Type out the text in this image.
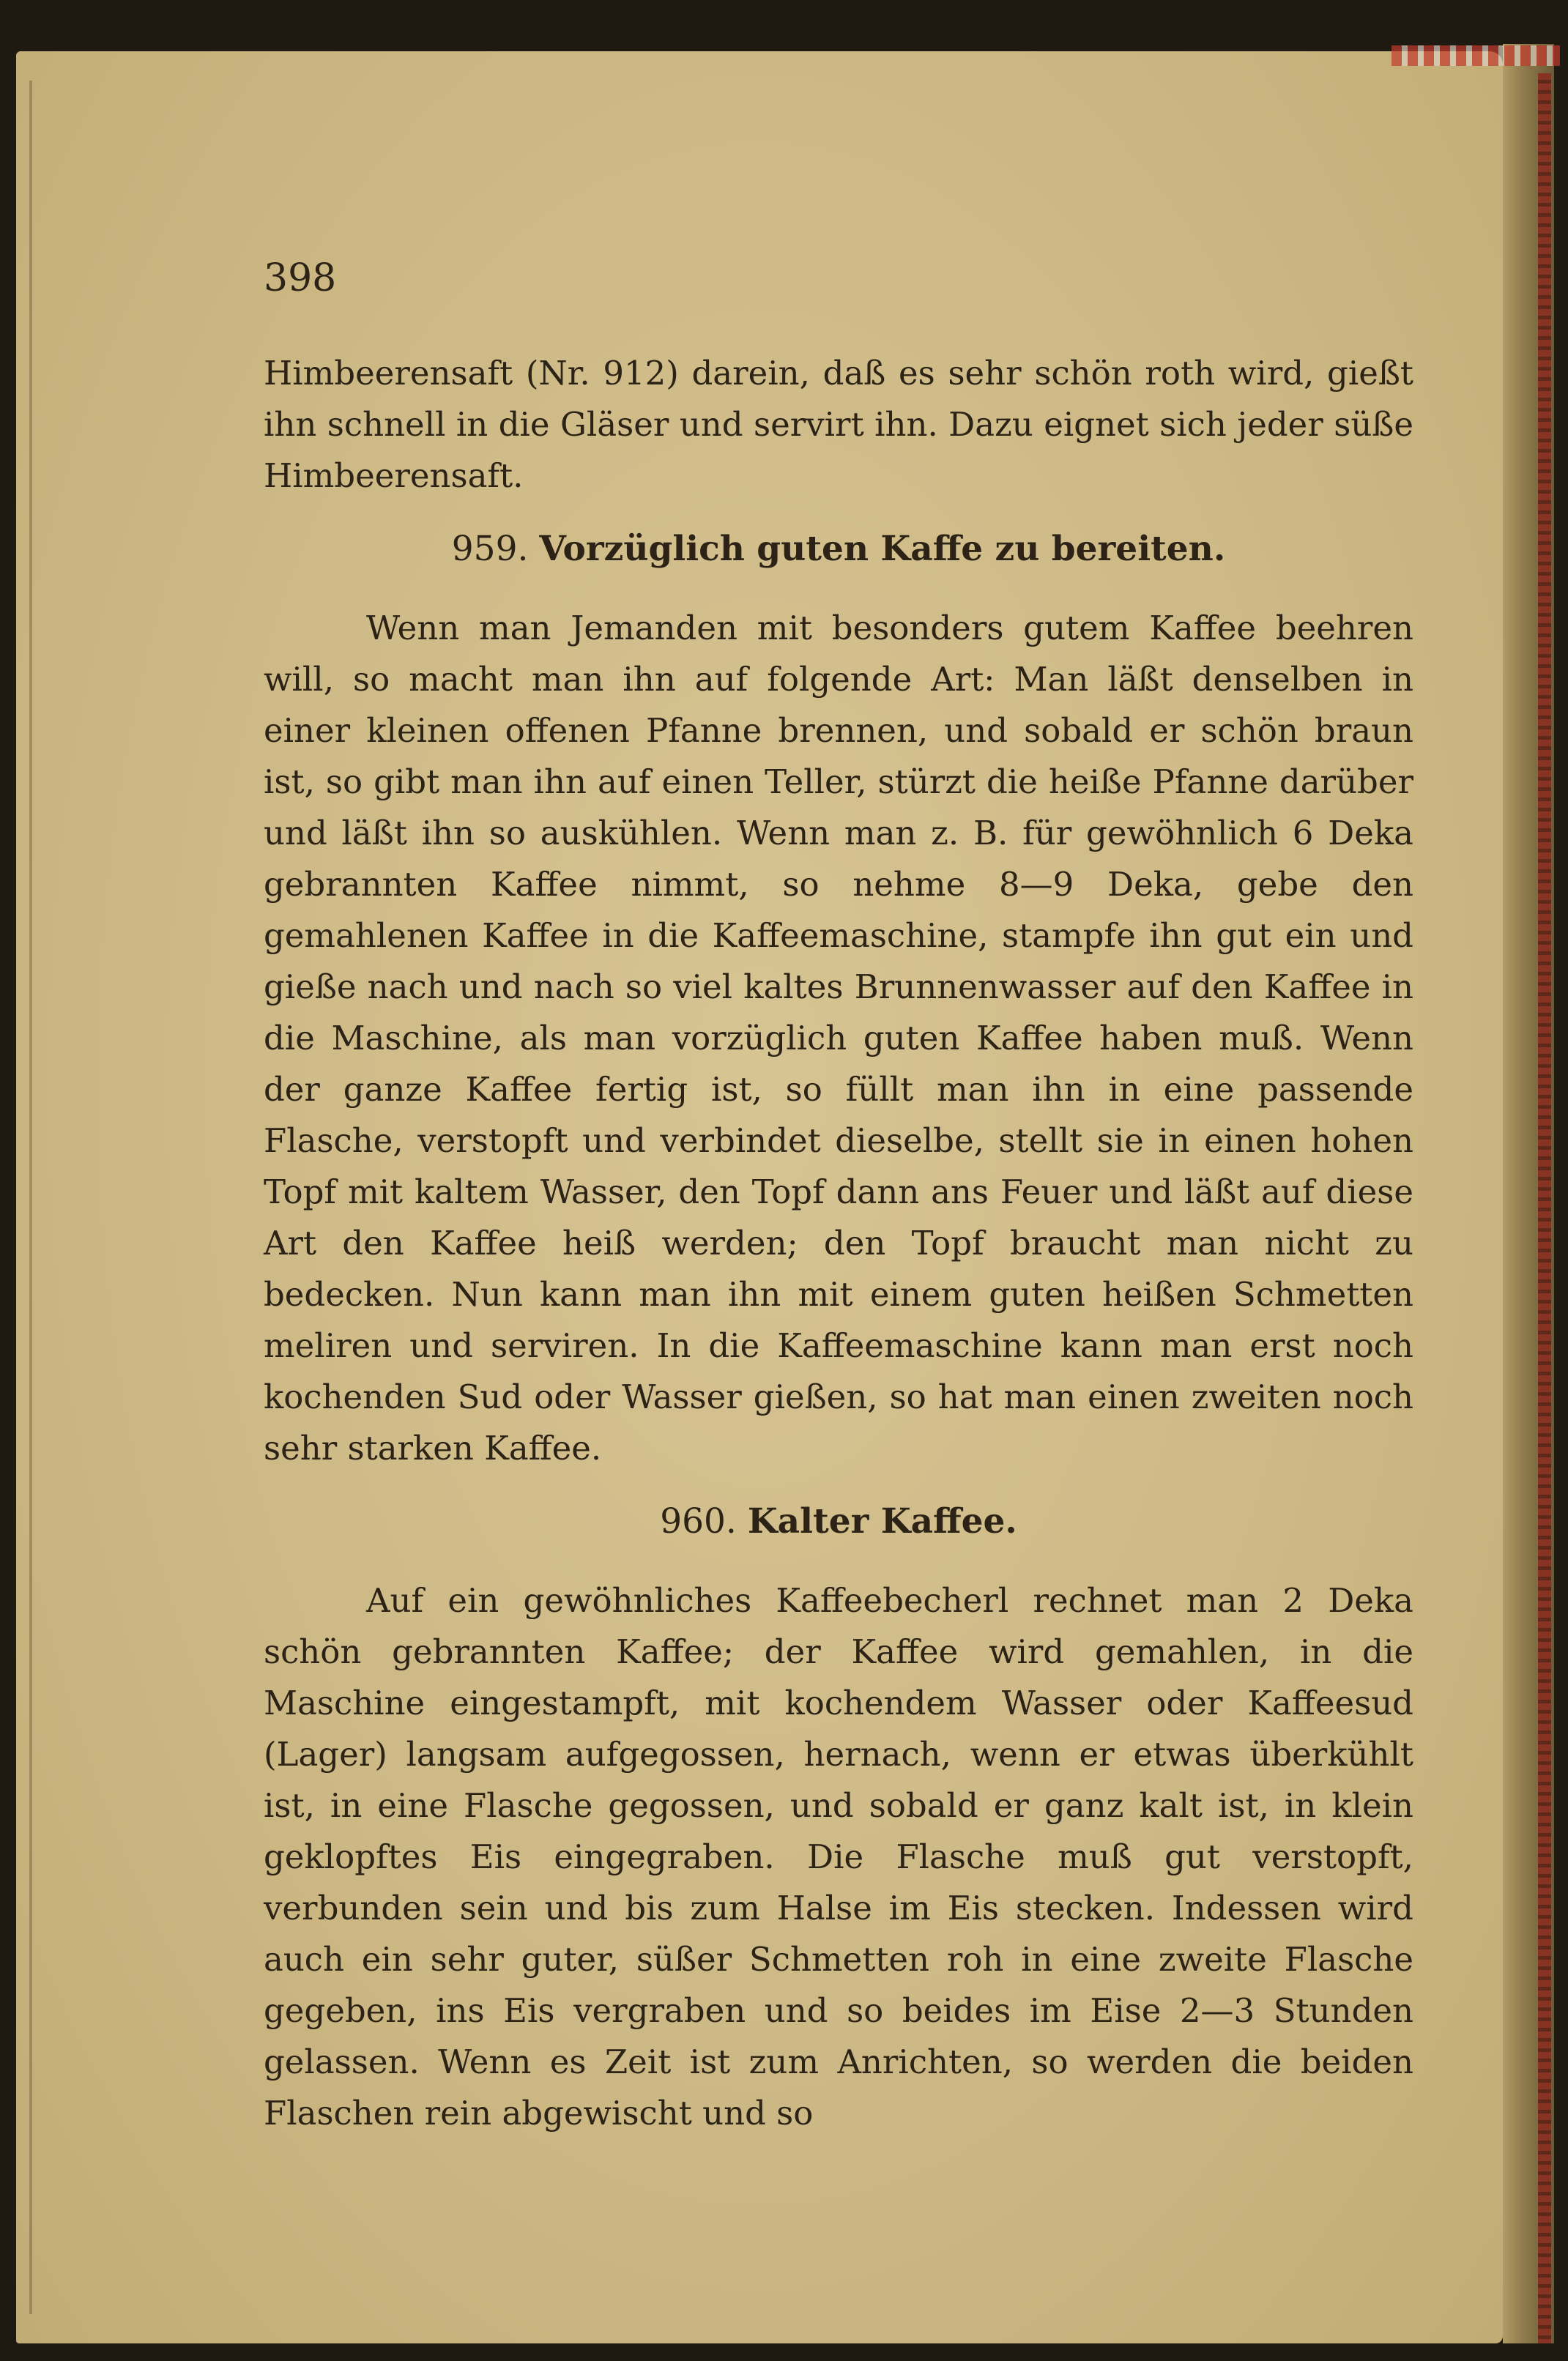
398

Himbeerensaft (Nr. 912) darein, daß es sehr schön roth wird, gießt ihn schnell in die Gläser und servirt ihn. Dazu eignet sich jeder süße Himbeerensaft.

959. Vorzüglich guten Kaffe zu bereiten.

Wenn man Jemanden mit besonders gutem Kaffee beehren will, so macht man ihn auf folgende Art: Man läßt denselben in einer kleinen offenen Pfanne brennen, und sobald er schön braun ist, so gibt man ihn auf einen Teller, stürzt die heiße Pfanne darüber und läßt ihn so auskühlen. Wenn man z. B. für gewöhnlich 6 Deka gebrannten Kaffee nimmt, so nehme 8—9 Deka, gebe den gemahlenen Kaffee in die Kaffeemaschine, stampfe ihn gut ein und gieße nach und nach so viel kaltes Brunnenwasser auf den Kaffee in die Maschine, als man vorzüglich guten Kaffee haben muß. Wenn der ganze Kaffee fertig ist, so füllt man ihn in eine passende Flasche, verstopft und verbindet dieselbe, stellt sie in einen hohen Topf mit kaltem Wasser, den Topf dann ans Feuer und läßt auf diese Art den Kaffee heiß werden; den Topf braucht man nicht zu bedecken. Nun kann man ihn mit einem guten heißen Schmetten meliren und serviren. In die Kaffeemaschine kann man erst noch kochenden Sud oder Wasser gießen, so hat man einen zweiten noch sehr starken Kaffee.

960. Kalter Kaffee.

Auf ein gewöhnliches Kaffeebecherl rechnet man 2 Deka schön gebrannten Kaffee; der Kaffee wird gemahlen, in die Maschine eingestampft, mit kochendem Wasser oder Kaffeesud (Lager) langsam aufgegossen, hernach, wenn er etwas überkühlt ist, in eine Flasche gegossen, und sobald er ganz kalt ist, in klein geklopftes Eis eingegraben. Die Flasche muß gut verstopft, verbunden sein und bis zum Halse im Eis stecken. Indessen wird auch ein sehr guter, süßer Schmetten roh in eine zweite Flasche gegeben, ins Eis vergraben und so beides im Eise 2—3 Stunden gelassen. Wenn es Zeit ist zum Anrichten, so werden die beiden Flaschen rein abgewischt und so
